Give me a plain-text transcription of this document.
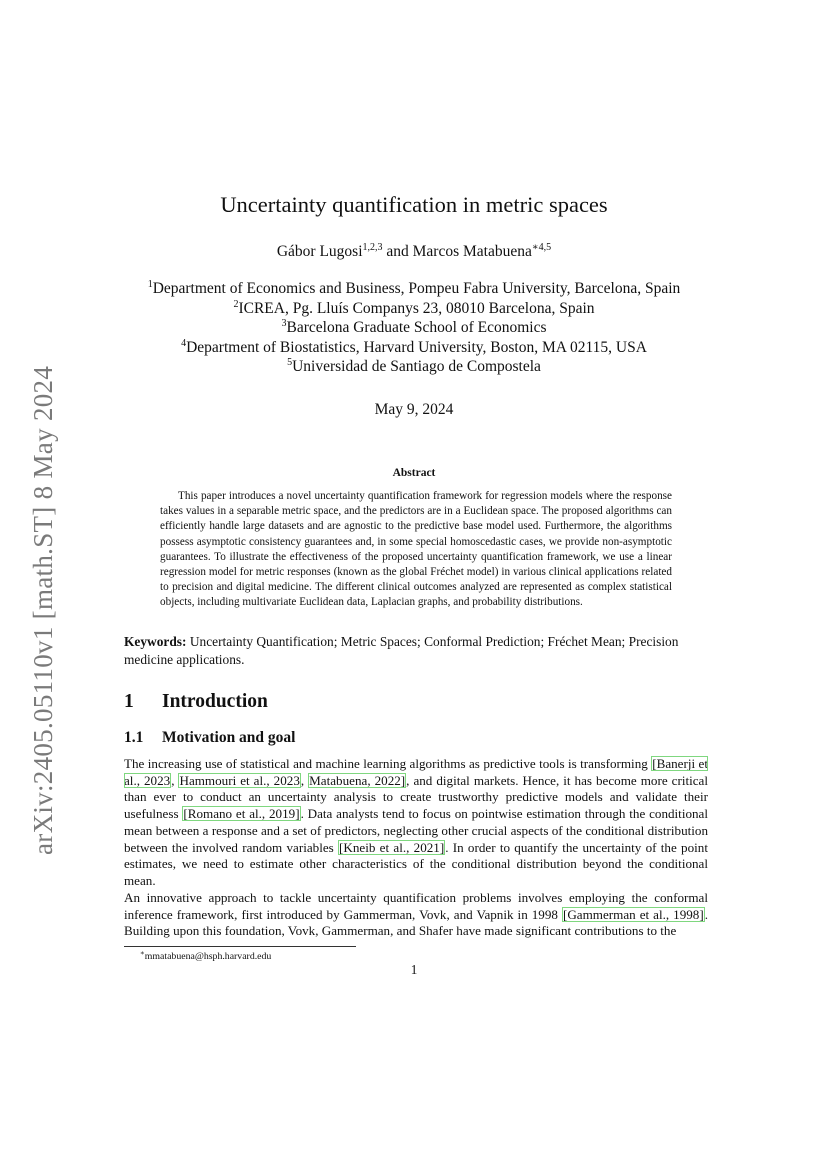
arXiv:2405.05110v1 [math.ST] 8 May 2024
Uncertainty quantification in metric spaces
Gábor Lugosi$^{1,2,3}$ and Marcos Matabuena$^{∗4,5}$
$^1$Department of Economics and Business, Pompeu Fabra University, Barcelona, Spain
$^2$ICREA, Pg. Lluís Companys 23, 08010 Barcelona, Spain
$^3$Barcelona Graduate School of Economics
$^4$Department of Biostatistics, Harvard University, Boston, MA 02115, USA
$^5$Universidad de Santiago de Compostela
May 9, 2024
Abstract
This paper introduces a novel uncertainty quantification framework for regression models where the response takes values in a separable metric space, and the predictors are in a Euclidean space. The proposed algorithms can efficiently handle large datasets and are agnostic to the predictive base model used. Furthermore, the algorithms possess asymptotic consistency guarantees and, in some special homoscedastic cases, we provide non-asymptotic guarantees. To illustrate the effectiveness of the proposed uncertainty quantification framework, we use a linear regression model for metric responses (known as the global Fréchet model) in various clinical applications related to precision and digital medicine. The different clinical outcomes analyzed are represented as complex statistical objects, including multivariate Euclidean data, Laplacian graphs, and probability distributions.
Keywords: Uncertainty Quantification; Metric Spaces; Conformal Prediction; Fréchet Mean; Precision medicine applications.
1 Introduction
1.1 Motivation and goal
The increasing use of statistical and machine learning algorithms as predictive tools is transforming [Banerji et al., 2023, Hammouri et al., 2023, Matabuena, 2022], and digital markets. Hence, it has become more critical than ever to conduct an uncertainty analysis to create trustworthy predictive models and validate their usefulness [Romano et al., 2019]. Data analysts tend to focus on pointwise estimation through the conditional mean between a response and a set of predictors, neglecting other crucial aspects of the conditional distribution between the involved random variables [Kneib et al., 2021]. In order to quantify the uncertainty of the point estimates, we need to estimate other characteristics of the conditional distribution beyond the conditional mean.
An innovative approach to tackle uncertainty quantification problems involves employing the conformal inference framework, first introduced by Gammerman, Vovk, and Vapnik in 1998 [Gammerman et al., 1998]. Building upon this foundation, Vovk, Gammerman, and Shafer have made significant contributions to the
∗mmatabuena@hsph.harvard.edu
1
